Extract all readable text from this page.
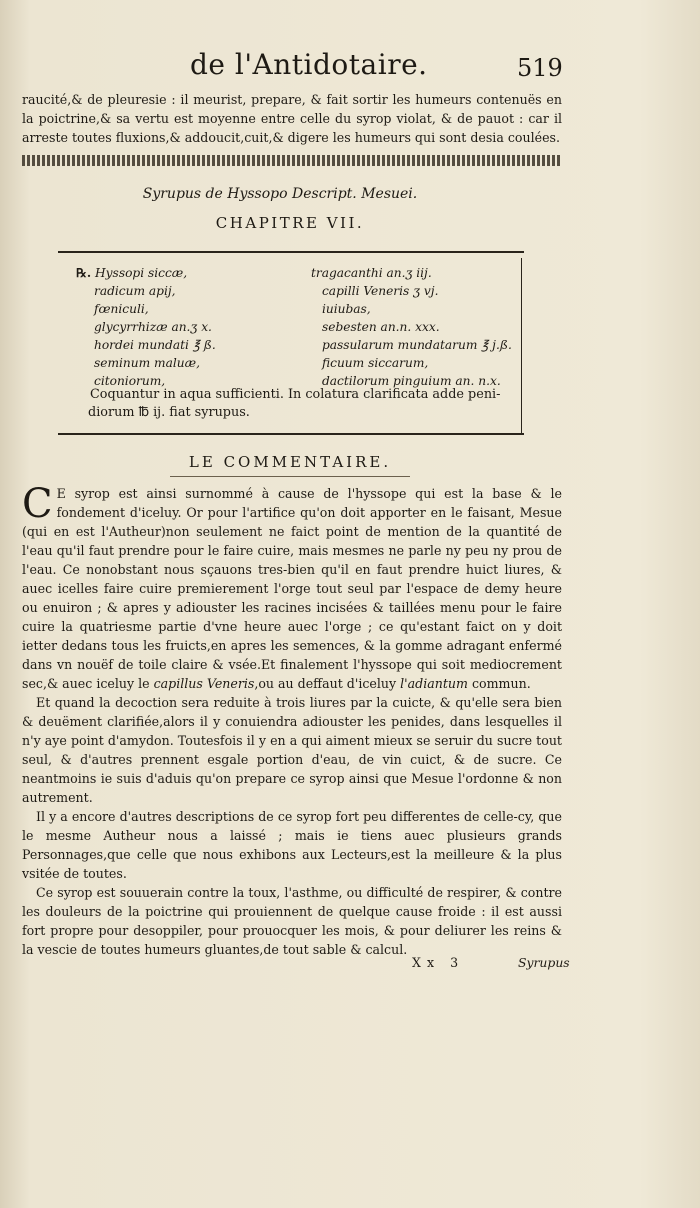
de l'Antidotaire.	519
raucité,& de pleuresie : il meurist, prepare, & fait sortir les humeurs contenuës en la poictrine,& sa vertu est moyenne entre celle du syrop violat, & de pauot : car il arreste toutes fluxions,& addoucit,cuit,& digere les humeurs qui sont desia coulées.
Syrupus de Hyssopo Descript. Mesuei.
CHAPITRE VII.
℞. Hyssopi siccæ,	tragacanthi an.ʒ iij.
radicum apij,	capilli Veneris ʒ vj.
fœniculi,	iuiubas,
glycyrrhizæ an.ʒ x.	sebesten an.n. xxx.
hordei mundati ℥ ß.	passularum mundatarum ℥ j.ß.
seminum maluæ,	ficuum siccarum,
citoniorum,	dactilorum pinguium an. n.x.
Coquantur in aqua sufficienti. In colatura clarificata adde peni-
diorum ℔ ij. fiat syrupus.
LE COMMENTAIRE.

C E syrop est ainsi surnommé à cause de l'hyssope qui est la base & le fondement d'iceluy. Or pour l'artifice qu'on doit apporter en le faisant, Mesue (qui en est l'Autheur)non seulement ne faict point de mention de la quantité de l'eau qu'il faut prendre pour le faire cuire, mais mesmes ne parle ny peu ny prou de l'eau. Ce nonobstant nous sçauons tres-bien qu'il en faut prendre huict liures, & auec icelles faire cuire premierement l'orge tout seul par l'espace de demy heure ou enuiron ; & apres y adiouster les racines incisées & taillées menu pour le faire cuire la quatriesme partie d'vne heure auec l'orge ; ce qu'estant faict on y doit ietter dedans tous les fruicts,en apres les semences, & la gomme adragant enfermé dans vn nouëf de toile claire & vsée.Et finalement l'hyssope qui soit mediocrement sec,& auec iceluy le capillus Veneris,ou au deffaut d'iceluy l'adiantum commun.

Et quand la decoction sera reduite à trois liures par la cuicte, & qu'elle sera bien & deuëment clarifiée,alors il y conuiendra adiouster les penides, dans lesquelles il n'y aye point d'amydon. Toutesfois il y en a qui aiment mieux se seruir du sucre tout seul, & d'autres prennent esgale portion d'eau, de vin cuict, & de sucre. Ce neantmoins ie suis d'aduis qu'on prepare ce syrop ainsi que Mesue l'ordonne & non autrement.

Il y a encore d'autres descriptions de ce syrop fort peu differentes de celle-cy, que le mesme Autheur nous a laissé ; mais ie tiens auec plusieurs grands Personnages,que celle que nous exhibons aux Lecteurs,est la meilleure & la plus vsitée de toutes.

Ce syrop est souuerain contre la toux, l'asthme, ou difficulté de respirer, & contre les douleurs de la poictrine qui prouiennent de quelque cause froide : il est aussi fort propre pour desoppiler, pour prouocquer les mois, & pour deliurer les reins & la vescie de toutes humeurs gluantes,de tout sable & calcul.

Xx 3	Syrupus
